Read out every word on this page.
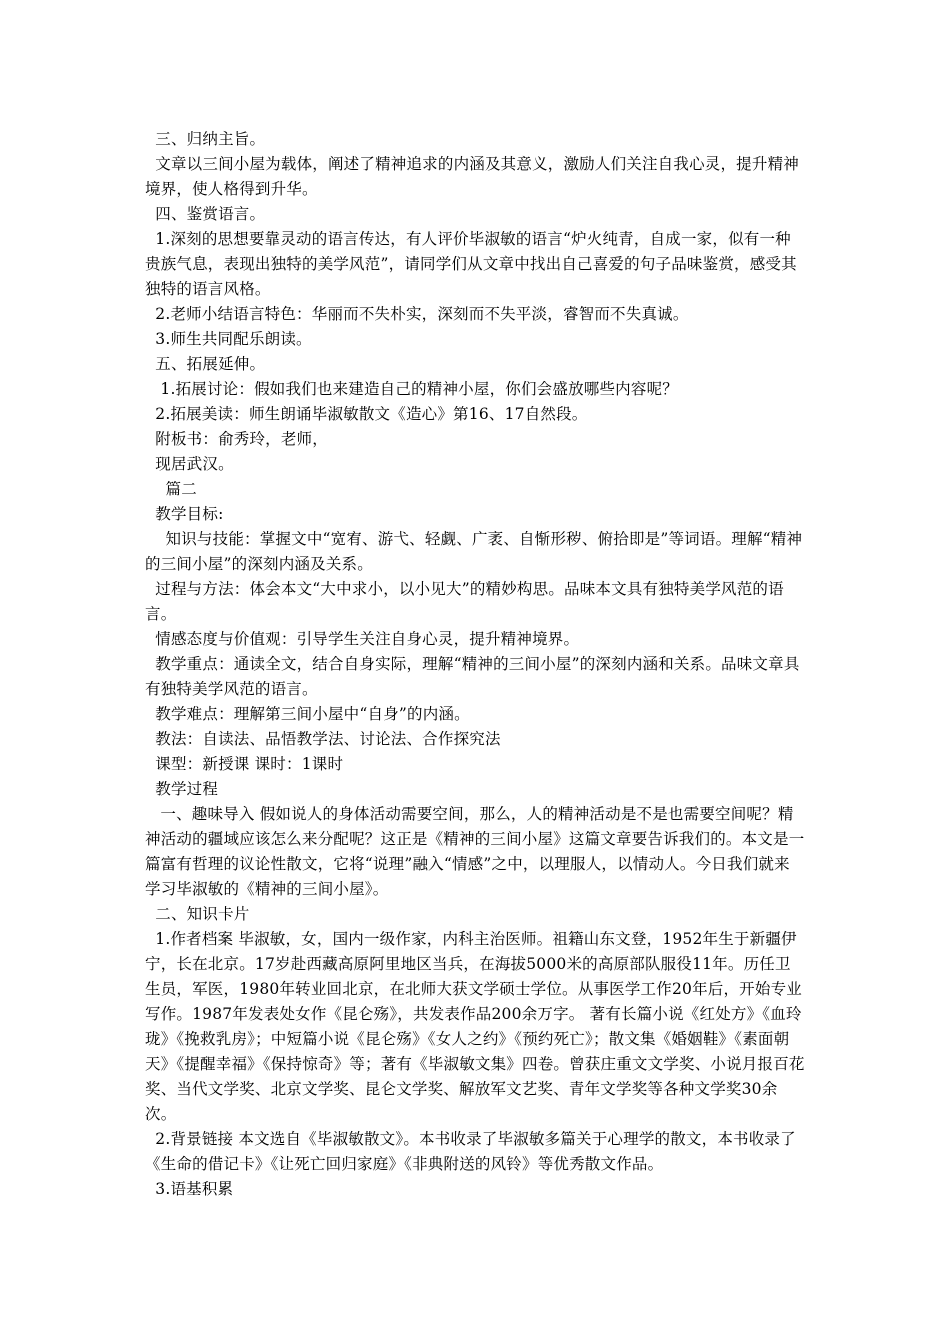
三、归纳主旨。
文章以三间小屋为载体，阐述了精神追求的内涵及其意义，激励人们关注自我心灵，提升精神境界，使人格得到升华。
四、鉴赏语言。
1.深刻的思想要靠灵动的语言传达，有人评价毕淑敏的语言“炉火纯青，自成一家，似有一种贵族气息，表现出独特的美学风范”，请同学们从文章中找出自己喜爱的句子品味鉴赏，感受其独特的语言风格。
2.老师小结语言特色：华丽而不失朴实，深刻而不失平淡，睿智而不失真诚。
3.师生共同配乐朗读。
五、拓展延伸。
1.拓展讨论：假如我们也来建造自己的精神小屋，你们会盛放哪些内容呢？
2.拓展美读：师生朗诵毕淑敏散文《造心》第16、17自然段。
附板书：俞秀玲，老师，
现居武汉。
篇二
教学目标:
知识与技能：掌握文中“宽宥、游弋、轻觑、广袤、自惭形秽、俯拾即是”等词语。理解“精神的三间小屋”的深刻内涵及关系。
过程与方法：体会本文“大中求小，以小见大”的精妙构思。品味本文具有独特美学风范的语言。
情感态度与价值观：引导学生关注自身心灵，提升精神境界。
教学重点：通读全文，结合自身实际，理解“精神的三间小屋”的深刻内涵和关系。品味文章具有独特美学风范的语言。
教学难点：理解第三间小屋中“自身”的内涵。
教法：自读法、品悟教学法、讨论法、合作探究法
课型：新授课 课时：1课时
教学过程
一、趣味导入 假如说人的身体活动需要空间，那么，人的精神活动是不是也需要空间呢？精神活动的疆域应该怎么来分配呢？这正是《精神的三间小屋》这篇文章要告诉我们的。本文是一篇富有哲理的议论性散文，它将“说理”融入“情感”之中，以理服人，以情动人。今日我们就来学习毕淑敏的《精神的三间小屋》。
二、知识卡片
1.作者档案 毕淑敏，女，国内一级作家，内科主治医师。祖籍山东文登，1952年生于新疆伊宁，长在北京。17岁赴西藏高原阿里地区当兵，在海拔5000米的高原部队服役11年。历任卫生员，军医，1980年转业回北京，在北师大获文学硕士学位。从事医学工作20年后，开始专业写作。1987年发表处女作《昆仑殇》，共发表作品200余万字。 著有长篇小说《红处方》《血玲珑》《挽救乳房》；中短篇小说《昆仑殇》《女人之约》《预约死亡》；散文集《婚姻鞋》《素面朝天》《提醒幸福》《保持惊奇》等；著有《毕淑敏文集》四卷。曾获庄重文文学奖、小说月报百花奖、当代文学奖、北京文学奖、昆仑文学奖、解放军文艺奖、青年文学奖等各种文学奖30余次。
2.背景链接 本文选自《毕淑敏散文》。本书收录了毕淑敏多篇关于心理学的散文，本书收录了《生命的借记卡》《让死亡回归家庭》《非典附送的风铃》等优秀散文作品。
3.语基积累
